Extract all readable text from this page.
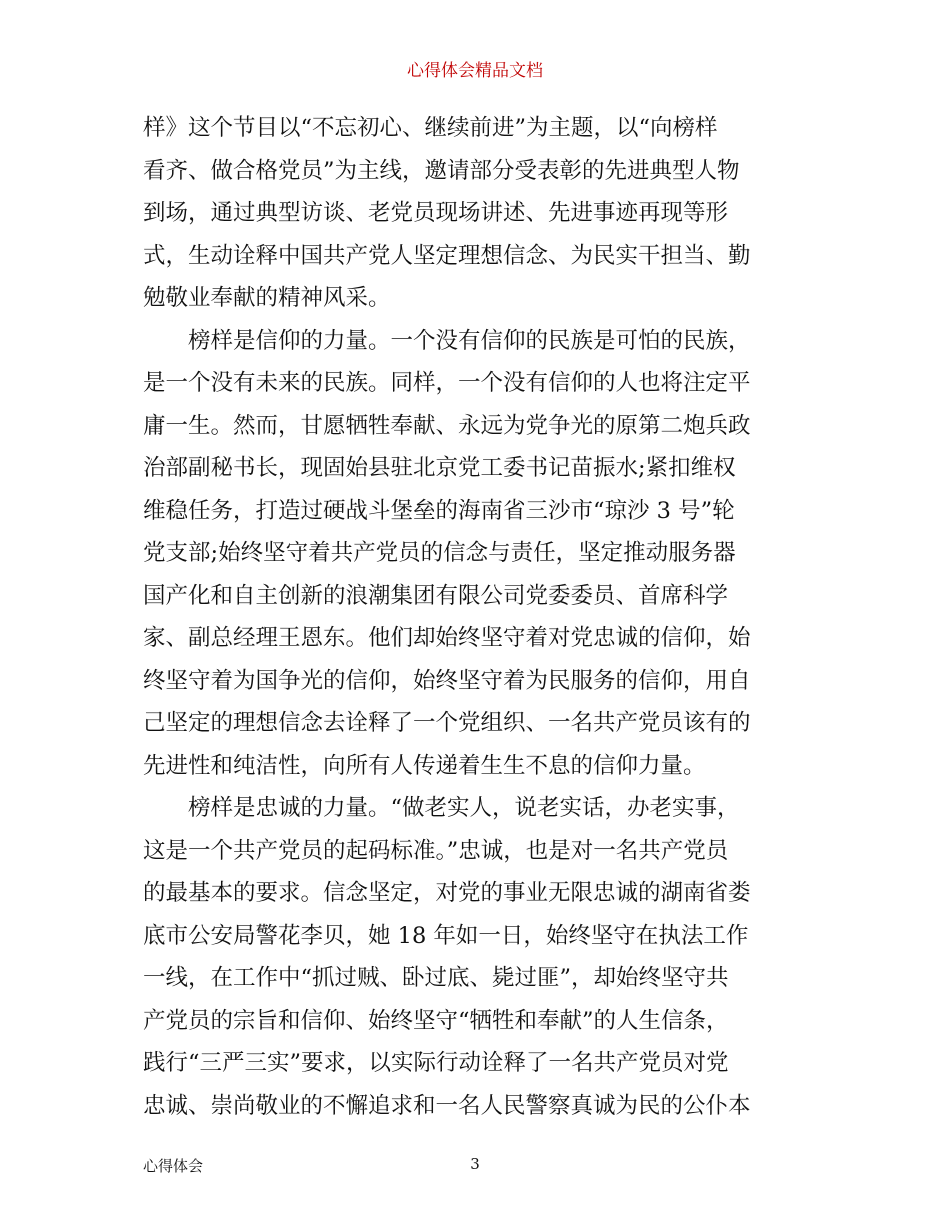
心得体会精品文档
样》这个节目以“不忘初心、继续前进”为主题，以“向榜样
看齐、做合格党员”为主线，邀请部分受表彰的先进典型人物
到场，通过典型访谈、老党员现场讲述、先进事迹再现等形
式，生动诠释中国共产党人坚定理想信念、为民实干担当、勤
勉敬业奉献的精神风采。
榜样是信仰的力量。一个没有信仰的民族是可怕的民族，
是一个没有未来的民族。同样，一个没有信仰的人也将注定平
庸一生。然而，甘愿牺牲奉献、永远为党争光的原第二炮兵政
治部副秘书长，现固始县驻北京党工委书记苗振水;紧扣维权
维稳任务，打造过硬战斗堡垒的海南省三沙市“琼沙 3 号”轮
党支部;始终坚守着共产党员的信念与责任，坚定推动服务器
国产化和自主创新的浪潮集团有限公司党委委员、首席科学
家、副总经理王恩东。他们却始终坚守着对党忠诚的信仰，始
终坚守着为国争光的信仰，始终坚守着为民服务的信仰，用自
己坚定的理想信念去诠释了一个党组织、一名共产党员该有的
先进性和纯洁性，向所有人传递着生生不息的信仰力量。
榜样是忠诚的力量。“做老实人，说老实话，办老实事，
这是一个共产党员的起码标准。”忠诚，也是对一名共产党员
的最基本的要求。信念坚定，对党的事业无限忠诚的湖南省娄
底市公安局警花李贝，她 18 年如一日，始终坚守在执法工作
一线，在工作中“抓过贼、卧过底、毙过匪”，却始终坚守共
产党员的宗旨和信仰、始终坚守“牺牲和奉献”的人生信条，
践行“三严三实”要求，以实际行动诠释了一名共产党员对党
忠诚、崇尚敬业的不懈追求和一名人民警察真诚为民的公仆本
心得体会	3
